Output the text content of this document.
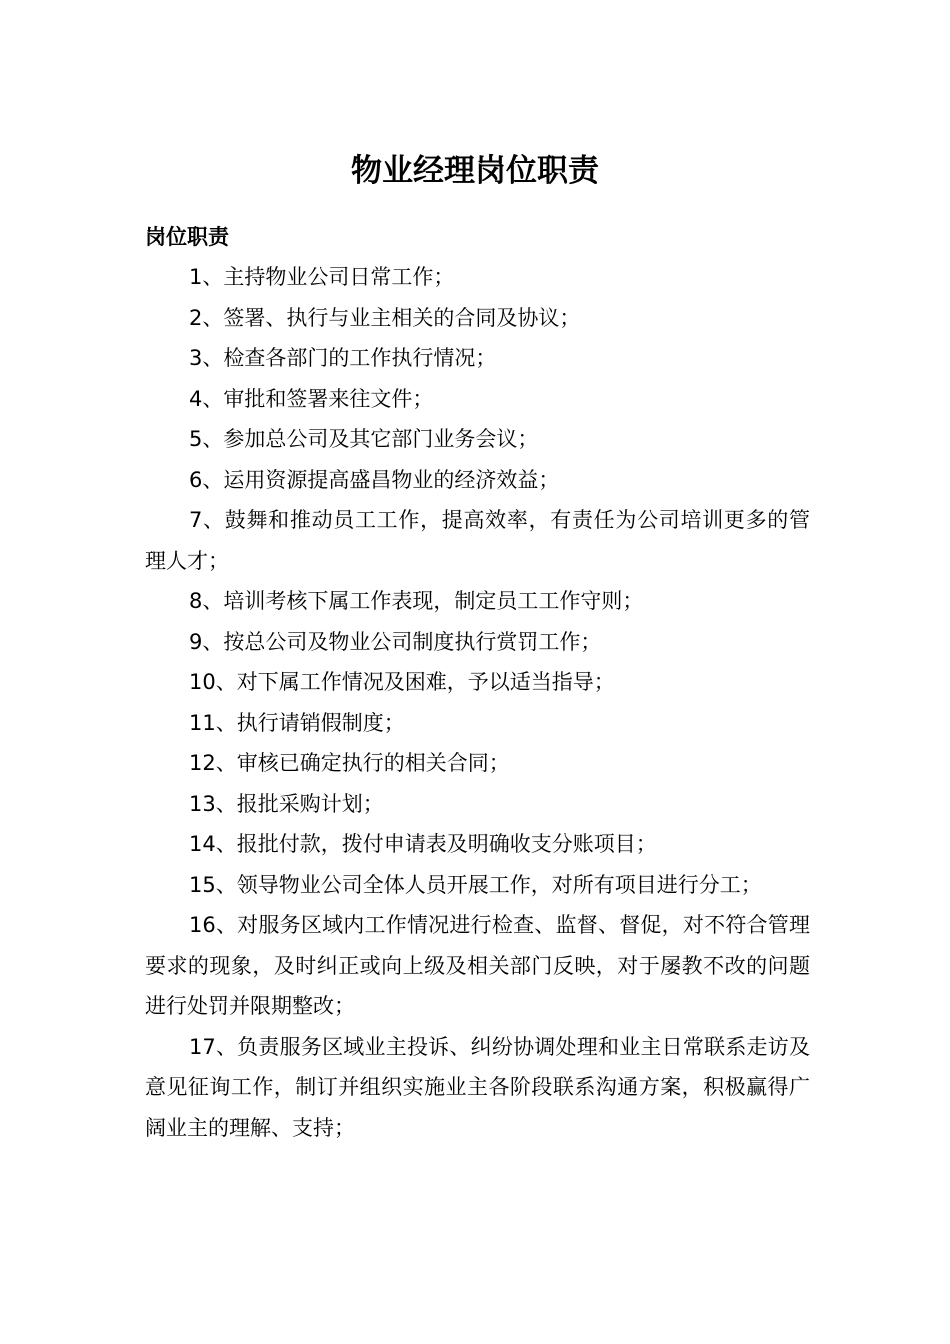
物业经理岗位职责
岗位职责
1、主持物业公司日常工作；
2、签署、执行与业主相关的合同及协议；
3、检查各部门的工作执行情况；
4、审批和签署来往文件；
5、参加总公司及其它部门业务会议；
6、运用资源提高盛昌物业的经济效益；
7、鼓舞和推动员工工作，提高效率，有责任为公司培训更多的管理人才；
8、培训考核下属工作表现，制定员工工作守则；
9、按总公司及物业公司制度执行赏罚工作；
10、对下属工作情况及困难，予以适当指导；
11、执行请销假制度；
12、审核已确定执行的相关合同；
13、报批采购计划；
14、报批付款，拨付申请表及明确收支分账项目；
15、领导物业公司全体人员开展工作，对所有项目进行分工；
16、对服务区域内工作情况进行检查、监督、督促，对不符合管理要求的现象，及时纠正或向上级及相关部门反映，对于屡教不改的问题进行处罚并限期整改；
17、负责服务区域业主投诉、纠纷协调处理和业主日常联系走访及意见征询工作，制订并组织实施业主各阶段联系沟通方案，积极赢得广阔业主的理解、支持；
